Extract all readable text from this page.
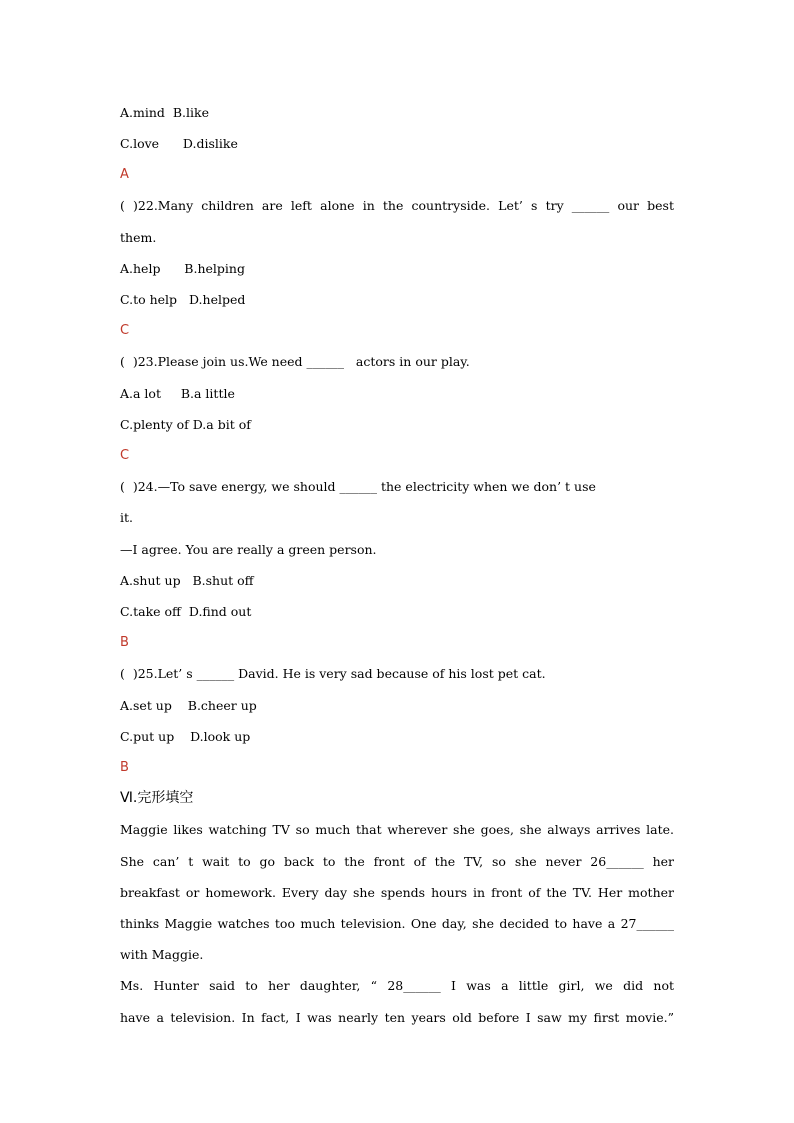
A.mind  B.like
C.love      D.dislike
A
( )22.Many children are left alone in the countryside. Let’ s try ______ our best
them.
A.help      B.helping
C.to help   D.helped
C
(  )23.Please join us.We need ______   actors in our play.
A.a lot     B.a little
C.plenty of D.a bit of
C
(  )24.—To save energy, we should ______ the electricity when we don’ t use
it.
—I agree. You are really a green person.
A.shut up   B.shut off
C.take off  D.find out
B
(  )25.Let’ s ______ David. He is very sad because of his lost pet cat.
A.set up    B.cheer up
C.put up    D.look up
B
Ⅵ.完形填空
Maggie likes watching TV so much that wherever she goes, she always arrives late.
She can’ t wait to go back to the front of the TV, so she never 26______ her
breakfast or homework. Every day she spends hours in front of the TV. Her mother
thinks Maggie watches too much television. One day, she decided to have a 27______
with Maggie.
Ms. Hunter said to her daughter, “ 28______ I was a little girl, we did not
have a television. In fact, I was nearly ten years old before I saw my first movie.”
